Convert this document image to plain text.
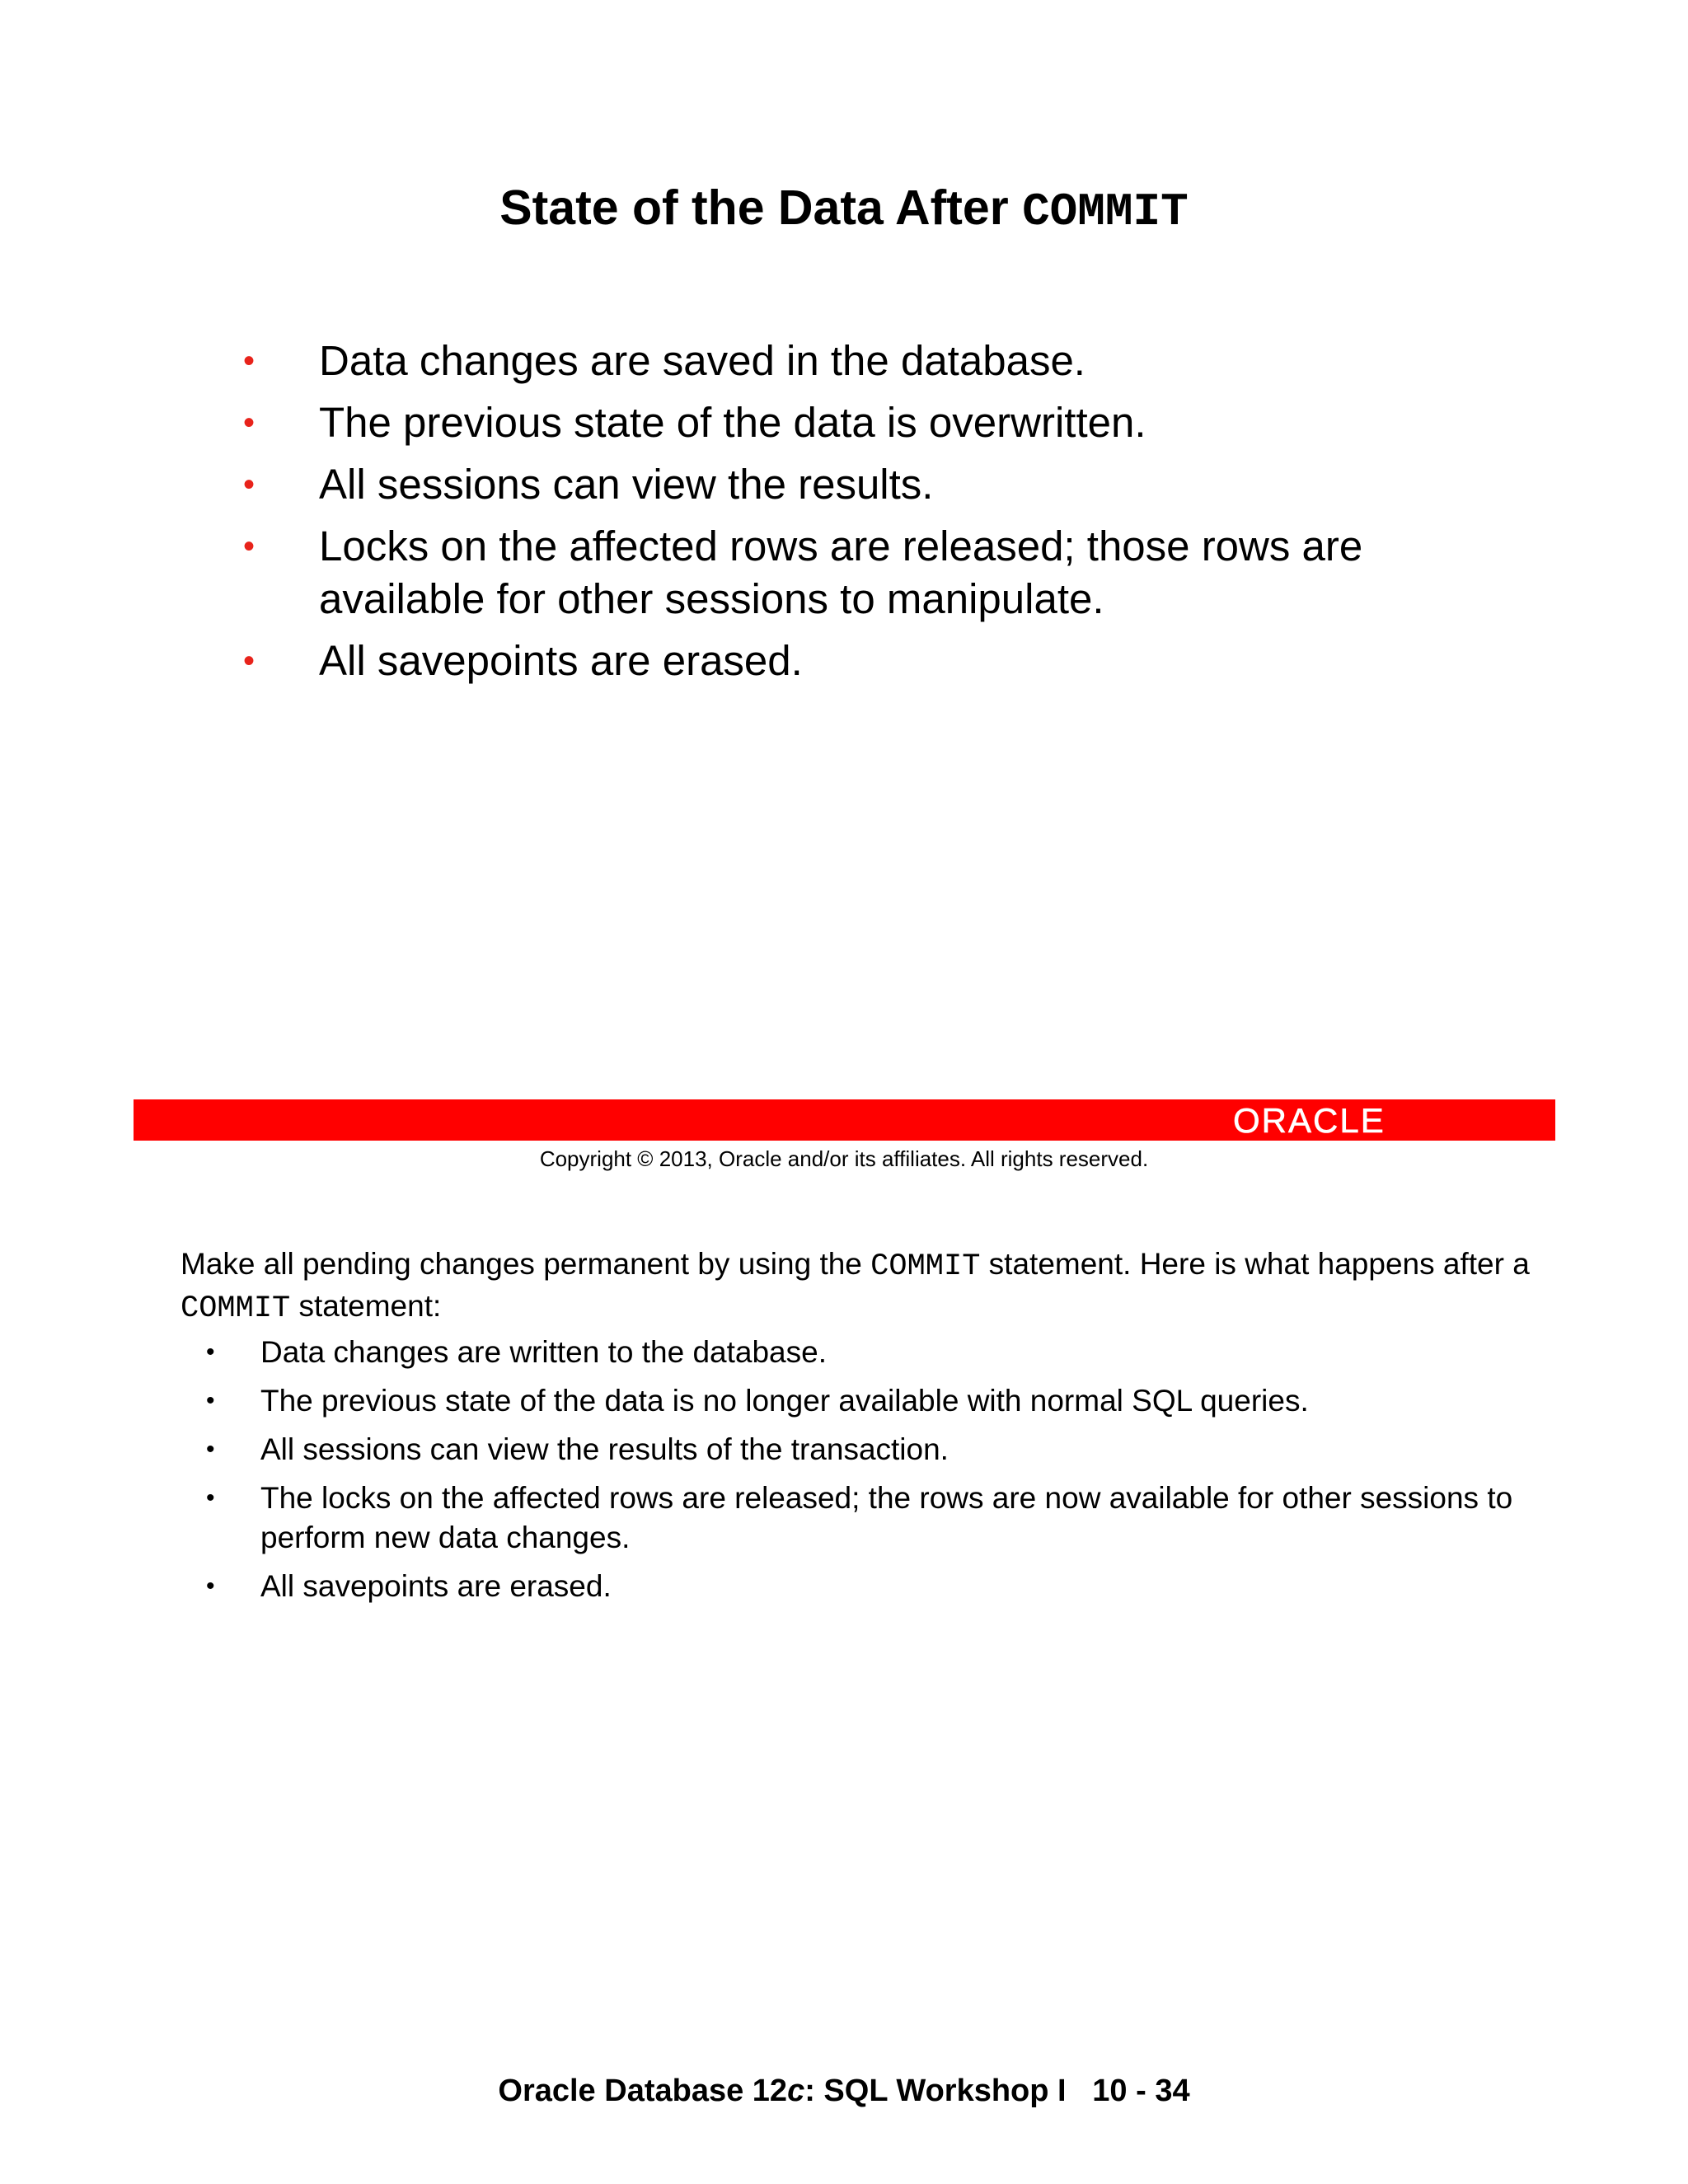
State of the Data After COMMIT
• Data changes are saved in the database.
• The previous state of the data is overwritten.
• All sessions can view the results.
• Locks on the affected rows are released; those rows are available for other sessions to manipulate.
• All savepoints are erased.
ORACLE
Copyright © 2013, Oracle and/or its affiliates. All rights reserved.
Make all pending changes permanent by using the COMMIT statement. Here is what happens after a COMMIT statement:
• Data changes are written to the database.
• The previous state of the data is no longer available with normal SQL queries.
• All sessions can view the results of the transaction.
• The locks on the affected rows are released; the rows are now available for other sessions to perform new data changes.
• All savepoints are erased.
Oracle Database 12c: SQL Workshop I 10 - 34
